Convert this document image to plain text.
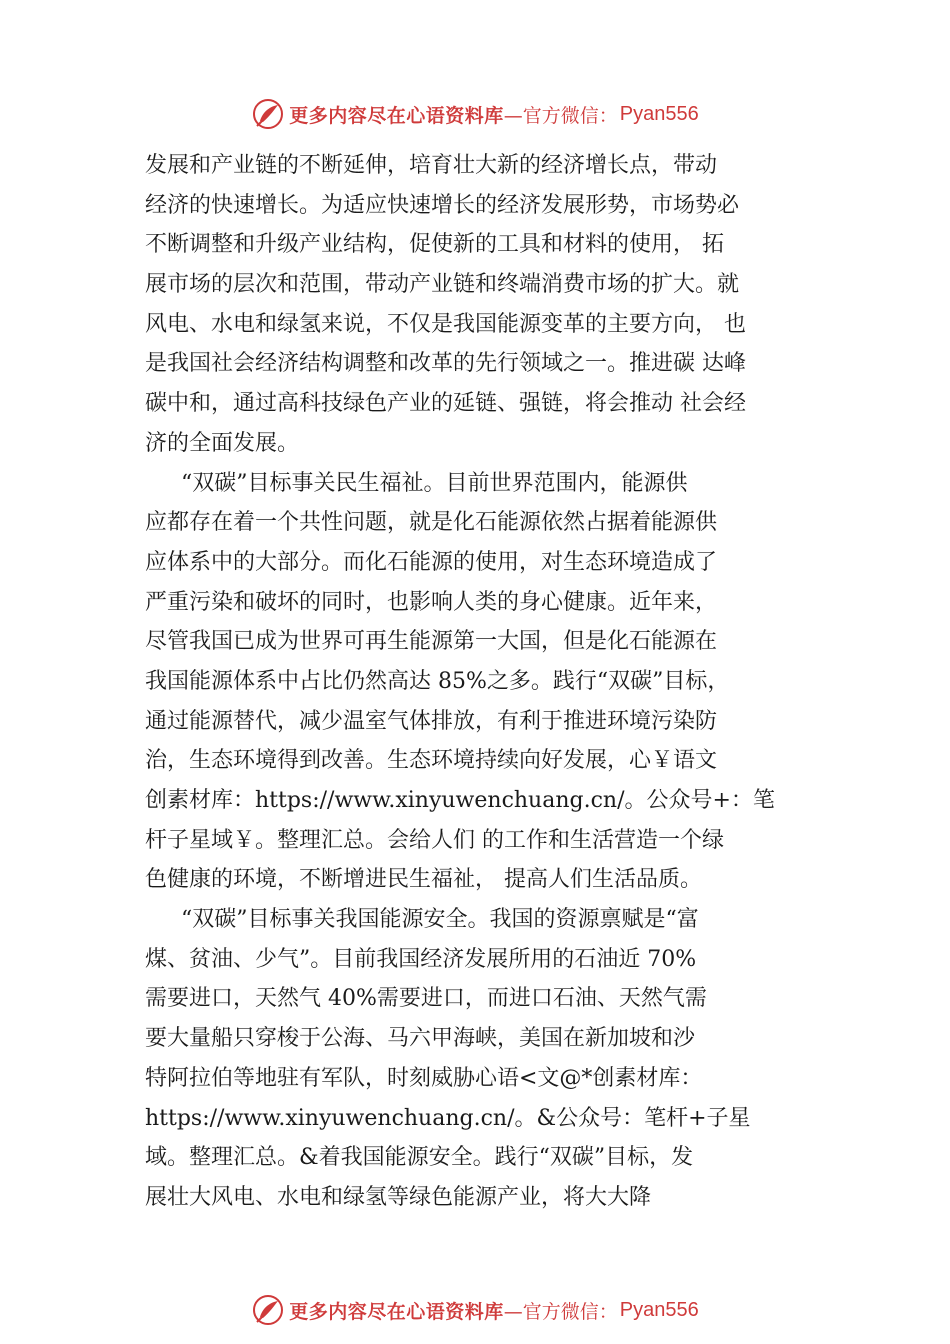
更多内容尽在心语资料库 —官方微信： Pyan556
发展和产业链的不断延伸，培育壮大新的经济增长点，带动
经济的快速增长。为适应快速增长的经济发展形势，市场势必
不断调整和升级产业结构，促使新的工具和材料的使用， 拓
展市场的层次和范围，带动产业链和终端消费市场的扩大。就
风电、水电和绿氢来说，不仅是我国能源变革的主要方向， 也
是我国社会经济结构调整和改革的先行领域之一。推进碳 达峰
碳中和，通过高科技绿色产业的延链、强链，将会推动 社会经
济的全面发展。
“双碳”目标事关民生福祉。目前世界范围内，能源供
应都存在着一个共性问题，就是化石能源依然占据着能源供
应体系中的大部分。而化石能源的使用，对生态环境造成了
严重污染和破坏的同时，也影响人类的身心健康。近年来，
尽管我国已成为世界可再生能源第一大国，但是化石能源在
我国能源体系中占比仍然高达 85%之多。践行“双碳”目标，
通过能源替代，减少温室气体排放，有利于推进环境污染防
治，生态环境得到改善。生态环境持续向好发展，心￥语文
创素材库：https://www.xinyuwenchuang.cn/。公众号+：笔
杆子星域￥。整理汇总。会给人们 的工作和生活营造一个绿
色健康的环境，不断增进民生福祉， 提高人们生活品质。
“双碳”目标事关我国能源安全。我国的资源禀赋是“富
煤、贫油、少气”。目前我国经济发展所用的石油近 70%
需要进口，天然气 40%需要进口，而进口石油、天然气需
要大量船只穿梭于公海、马六甲海峡，美国在新加坡和沙
特阿拉伯等地驻有军队，时刻威胁心语<文@*创素材库：
https://www.xinyuwenchuang.cn/。&公众号：笔杆+子星
域。整理汇总。&着我国能源安全。践行“双碳”目标，发
展壮大风电、水电和绿氢等绿色能源产业，将大大降
更多内容尽在心语资料库 —官方微信： Pyan556
